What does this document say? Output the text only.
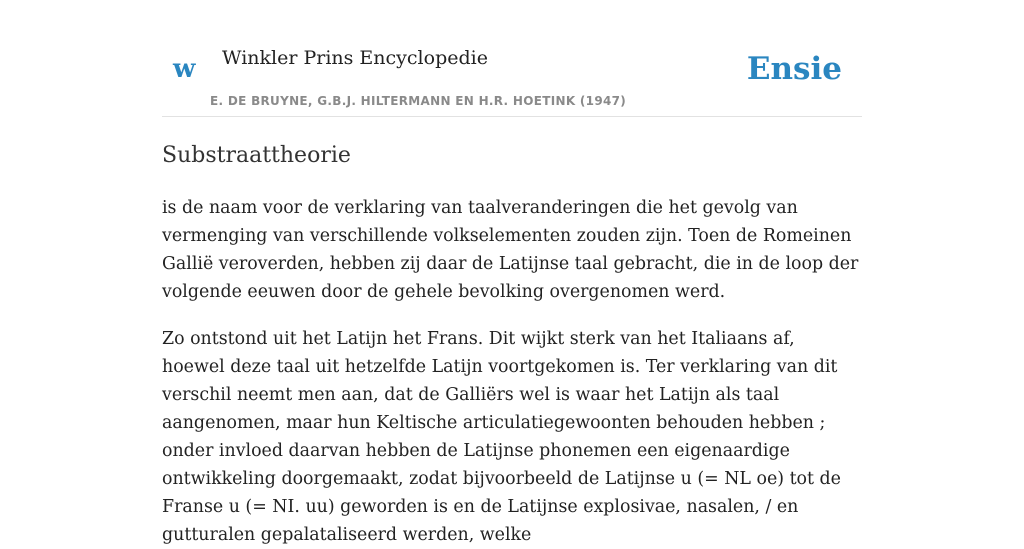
w Winkler Prins Encyclopedie
E. DE BRUYNE, G.B.J. HILTERMANN EN H.R. HOETINK (1947)
Ensie
Substraattheorie

is de naam voor de verklaring van taalveranderingen die het gevolg van vermenging van verschillende volkselementen zouden zijn. Toen de Romeinen Gallië veroverden, hebben zij daar de Latijnse taal gebracht, die in de loop der volgende eeuwen door de gehele bevolking overgenomen werd.

Zo ontstond uit het Latijn het Frans. Dit wijkt sterk van het Italiaans af, hoewel deze taal uit hetzelfde Latijn voortgekomen is. Ter verklaring van dit verschil neemt men aan, dat de Galliërs wel is waar het Latijn als taal aangenomen, maar hun Keltische articulatiegewoonten behouden hebben ; onder invloed daarvan hebben de Latijnse phonemen een eigenaardige ontwikkeling doorgemaakt, zodat bijvoorbeeld de Latijnse u (= NL oe) tot de Franse u (= NI. uu) geworden is en de Latijnse explosivae, nasalen, / en gutturalen gepalataliseerd werden, welke
